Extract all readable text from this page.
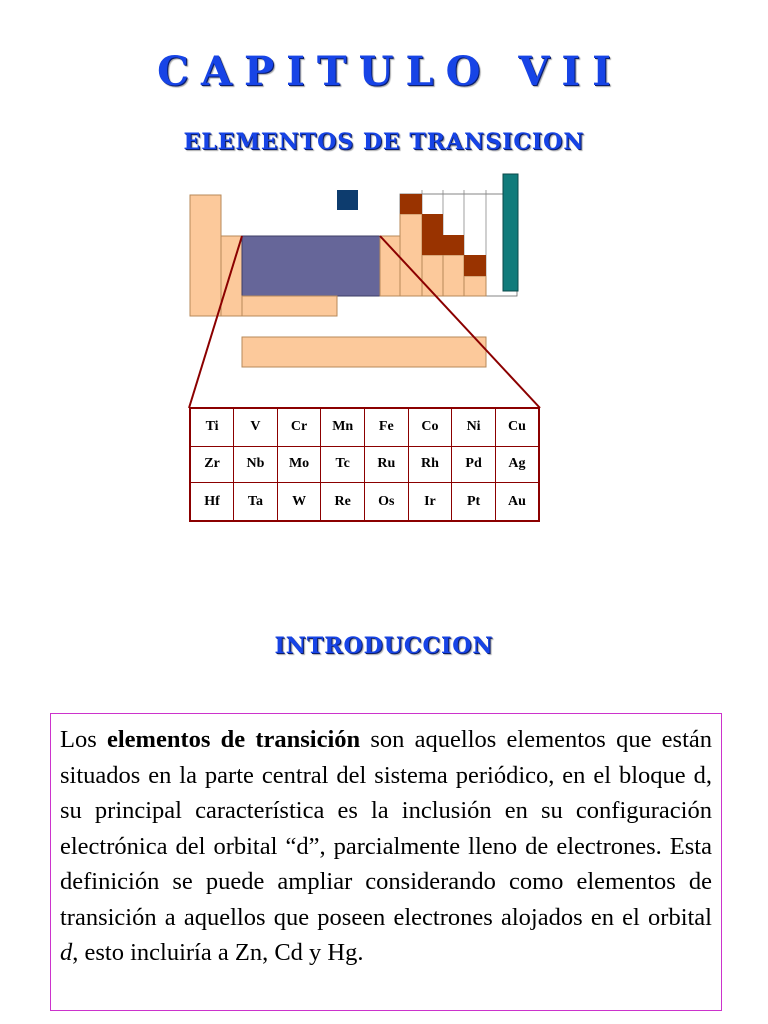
CAPITULO VII
ELEMENTOS DE TRANSICION
Ti	V	Cr	Mn	Fe	Co	Ni	Cu
Zr	Nb	Mo	Tc	Ru	Rh	Pd	Ag
Hf	Ta	W	Re	Os	Ir	Pt	Au
INTRODUCCION

Los elementos de transición son aquellos elementos que están situados en la parte central del sistema periódico, en el bloque d, su principal característica es la inclusión en su configuración electrónica del orbital “d”, parcialmente lleno de electrones. Esta definición se puede ampliar considerando como elementos de transición a aquellos que poseen electrones alojados en el orbital d, esto incluiría a Zn, Cd y Hg.
